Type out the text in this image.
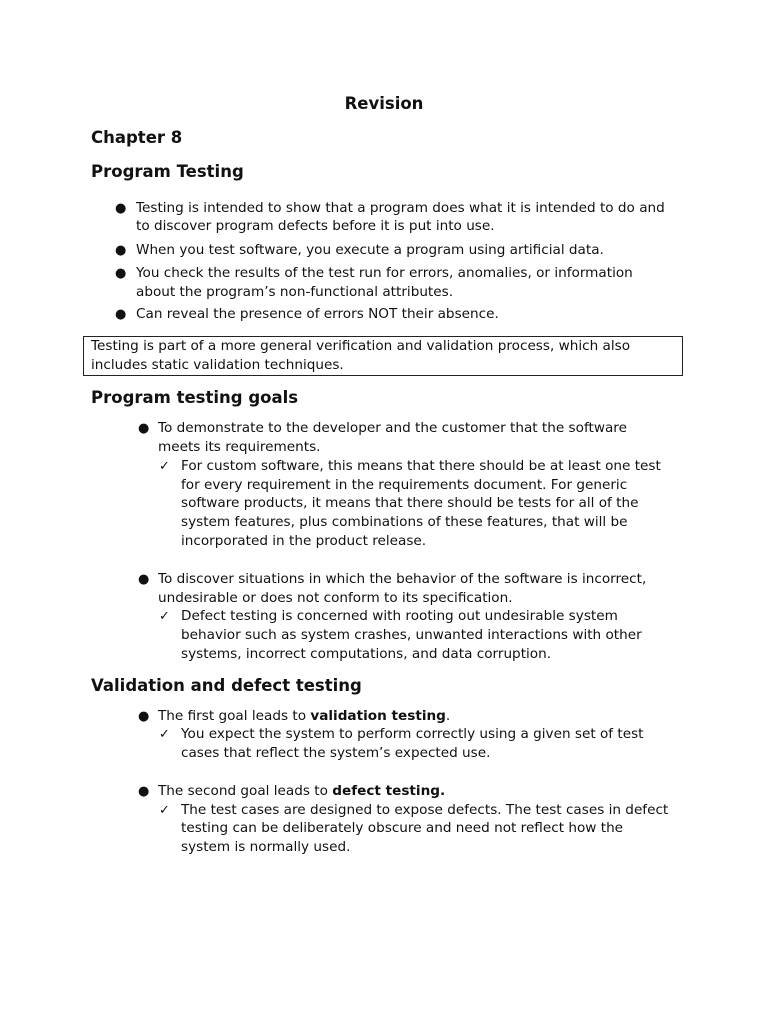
Revision
Chapter 8
Program Testing
● Testing is intended to show that a program does what it is intended to do and
to discover program defects before it is put into use.
● When you test software, you execute a program using artificial data.
● You check the results of the test run for errors, anomalies, or information
about the program’s non-functional attributes.
● Can reveal the presence of errors NOT their absence.
Testing is part of a more general verification and validation process, which also
includes static validation techniques.
Program testing goals
● To demonstrate to the developer and the customer that the software
meets its requirements.
✓ For custom software, this means that there should be at least one test
for every requirement in the requirements document. For generic
software products, it means that there should be tests for all of the
system features, plus combinations of these features, that will be
incorporated in the product release.
● To discover situations in which the behavior of the software is incorrect,
undesirable or does not conform to its specification.
✓ Defect testing is concerned with rooting out undesirable system
behavior such as system crashes, unwanted interactions with other
systems, incorrect computations, and data corruption.
Validation and defect testing
● The first goal leads to validation testing.
✓ You expect the system to perform correctly using a given set of test
cases that reflect the system’s expected use.
● The second goal leads to defect testing.
✓ The test cases are designed to expose defects. The test cases in defect
testing can be deliberately obscure and need not reflect how the
system is normally used.
